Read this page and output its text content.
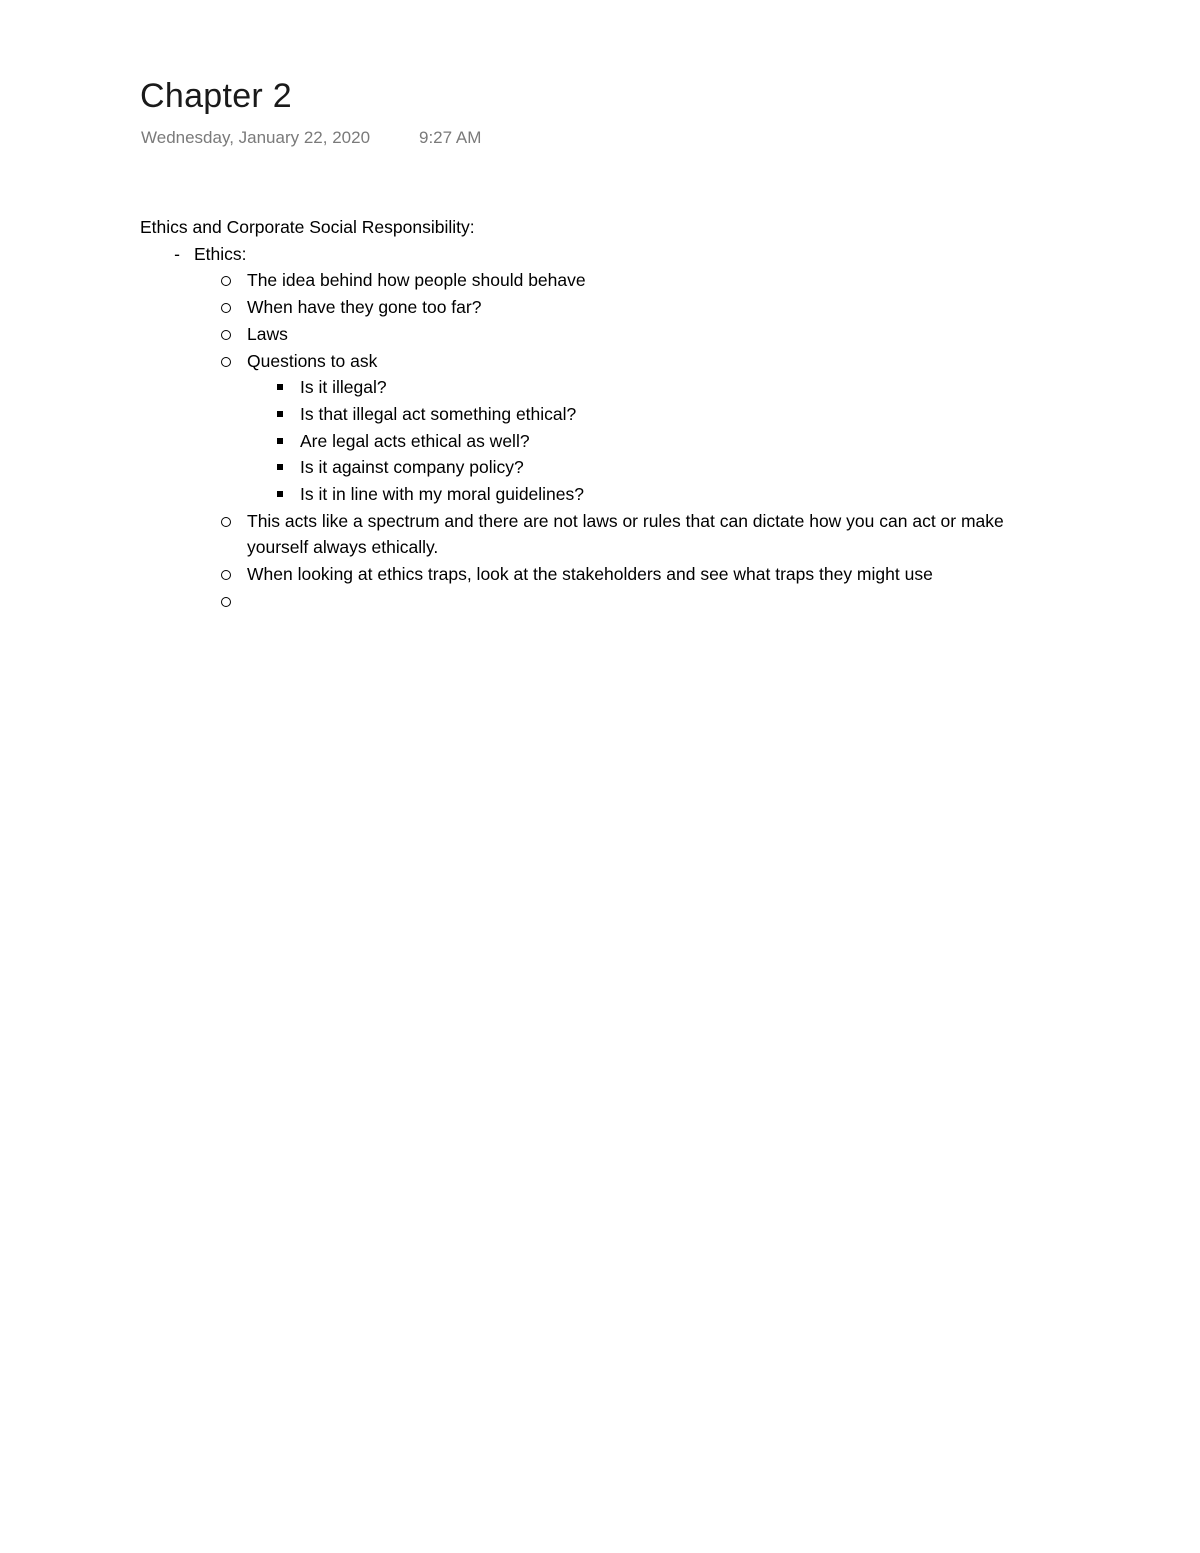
Chapter 2
Wednesday, January 22, 2020	9:27 AM
Ethics and Corporate Social Responsibility:
- Ethics:
The idea behind how people should behave
When have they gone too far?
Laws
Questions to ask
Is it illegal?
Is that illegal act something ethical?
Are legal acts ethical as well?
Is it against company policy?
Is it in line with my moral guidelines?
This acts like a spectrum and there are not laws or rules that can dictate how you can act or make yourself always ethically.
When looking at ethics traps, look at the stakeholders and see what traps they might use
